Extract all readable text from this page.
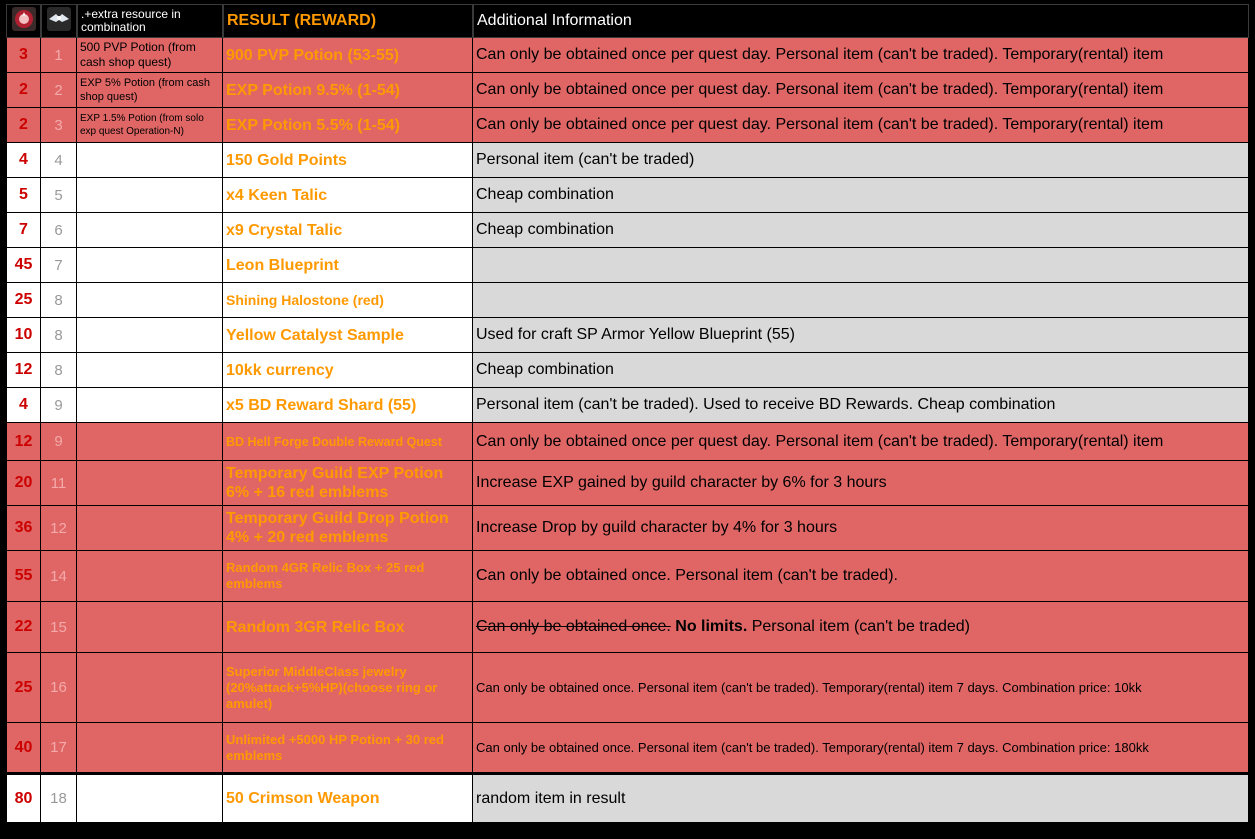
		.+extra resource in combination	RESULT (REWARD)	Additional Information
3	1	500 PVP Potion (from cash shop quest)	900 PVP Potion (53-55)	Can only be obtained once per quest day. Personal item (can't be traded). Temporary(rental) item
2	2	EXP 5% Potion (from cash shop quest)	EXP Potion 9.5% (1-54)	Can only be obtained once per quest day. Personal item (can't be traded). Temporary(rental) item
2	3	EXP 1.5% Potion (from solo exp quest Operation-N)	EXP Potion 5.5% (1-54)	Can only be obtained once per quest day. Personal item (can't be traded). Temporary(rental) item
4	4		150 Gold Points	Personal item (can't be traded)
5	5		x4 Keen Talic	Cheap combination
7	6		x9 Crystal Talic	Cheap combination
45	7		Leon Blueprint	
25	8		Shining Halostone (red)	
10	8		Yellow Catalyst Sample	Used for craft SP Armor Yellow Blueprint (55)
12	8		10kk currency	Cheap combination
4	9		x5 BD Reward Shard (55)	Personal item (can't be traded). Used to receive BD Rewards. Cheap combination
12	9		BD Hell Forge Double Reward Quest	Can only be obtained once per quest day. Personal item (can't be traded). Temporary(rental) item
20	11		Temporary Guild EXP Potion 6% + 16 red emblems	Increase EXP gained by guild character by 6% for 3 hours
36	12		Temporary Guild Drop Potion 4% + 20 red emblems	Increase Drop by guild character by 4% for 3 hours
55	14		Random 4GR Relic Box + 25 red emblems	Can only be obtained once. Personal item (can't be traded).
22	15		Random 3GR Relic Box	Can only be obtained once. No limits. Personal item (can't be traded)
25	16		Superior MiddleClass jewelry (20%attack+5%HP)(choose ring or amulet)	Can only be obtained once. Personal item (can't be traded). Temporary(rental) item 7 days. Combination price: 10kk
40	17		Unlimited +5000 HP Potion + 30 red emblems	Can only be obtained once. Personal item (can't be traded). Temporary(rental) item 7 days. Combination price: 180kk

80	18		50 Crimson Weapon	random item in result
